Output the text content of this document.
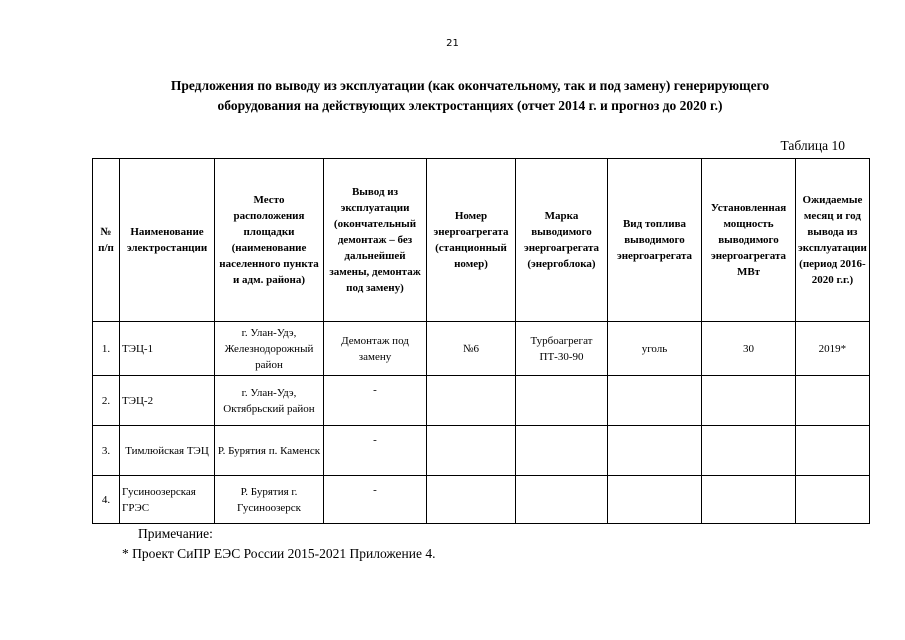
21
Предложения по выводу из эксплуатации (как окончательному, так и под замену) генерирующего
оборудования на действующих электростанциях (отчет 2014 г. и прогноз до 2020 г.)
Таблица 10
№ п/п	Наименование электростанции	Место расположения площадки (наименование населенного пункта и адм. района)	Вывод из эксплуатации (окончательный демонтаж – без дальнейшей замены, демонтаж под замену)	Номер энергоагрегата (станционный номер)	Марка выводимого энергоагрегата (энергоблока)	Вид топлива выводимого энергоагрегата	Установленная мощность выводимого энергоагрегата МВт	Ожидаемые месяц и год вывода из эксплуатации (период 2016-2020 г.г.)
1.	ТЭЦ-1	г. Улан-Удэ, Железнодорожный район	Демонтаж под замену	№6	Турбоагрегат ПТ-30-90	уголь	30	2019*
2.	ТЭЦ-2	г. Улан-Удэ, Октябрьский район	-					
3.	Тимлюйская ТЭЦ	Р. Бурятия п. Каменск	-					
4.	Гусиноозерская ГРЭС	Р. Бурятия г. Гусиноозерск	-					
Примечание:
* Проект СиПР ЕЭС России 2015-2021 Приложение 4.
